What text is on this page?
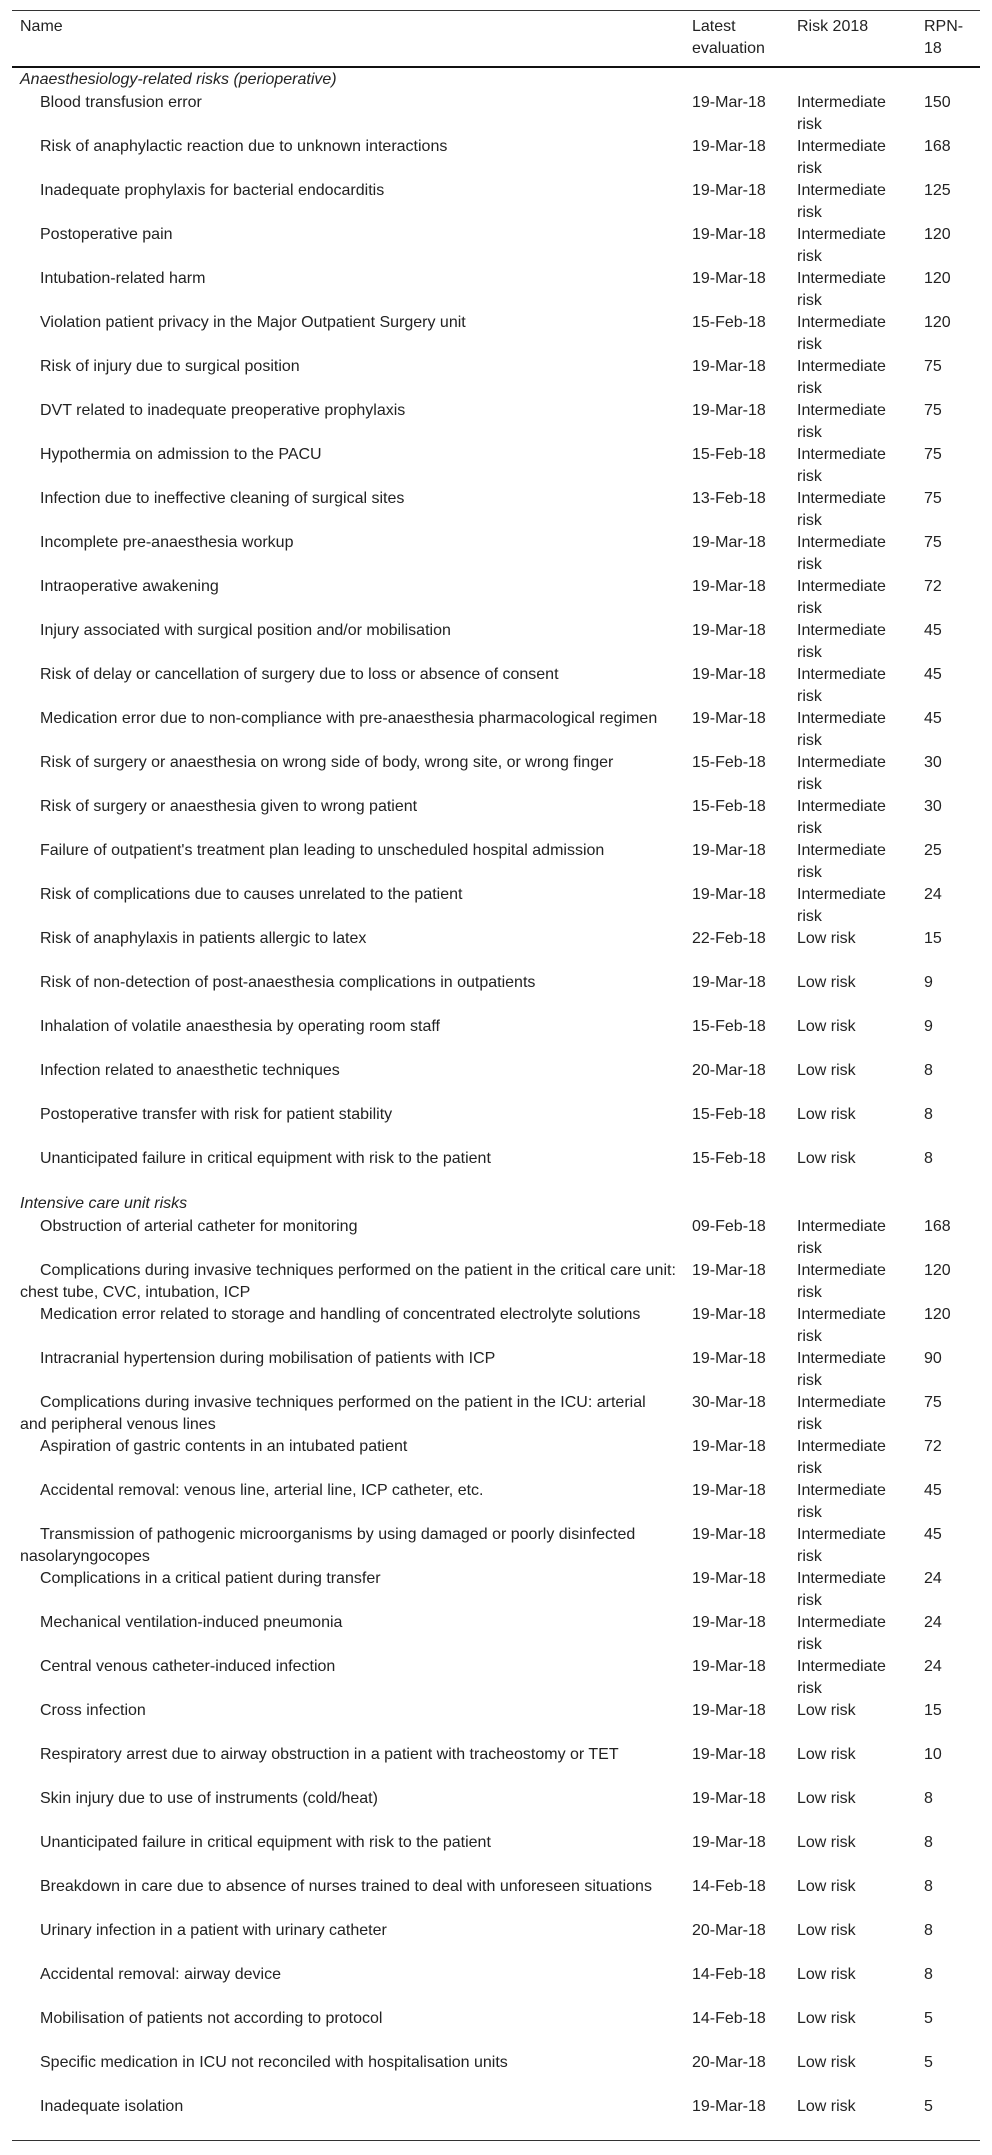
Name	Latest evaluation	Risk 2018	RPN-18
Anaesthesiology-related risks (perioperative)			
Blood transfusion error	19-Mar-18	Intermediate risk	150
Risk of anaphylactic reaction due to unknown interactions	19-Mar-18	Intermediate risk	168
Inadequate prophylaxis for bacterial endocarditis	19-Mar-18	Intermediate risk	125
Postoperative pain	19-Mar-18	Intermediate risk	120
Intubation-related harm	19-Mar-18	Intermediate risk	120
Violation patient privacy in the Major Outpatient Surgery unit	15-Feb-18	Intermediate risk	120
Risk of injury due to surgical position	19-Mar-18	Intermediate risk	75
DVT related to inadequate preoperative prophylaxis	19-Mar-18	Intermediate risk	75
Hypothermia on admission to the PACU	15-Feb-18	Intermediate risk	75
Infection due to ineffective cleaning of surgical sites	13-Feb-18	Intermediate risk	75
Incomplete pre-anaesthesia workup	19-Mar-18	Intermediate risk	75
Intraoperative awakening	19-Mar-18	Intermediate risk	72
Injury associated with surgical position and/or mobilisation	19-Mar-18	Intermediate risk	45
Risk of delay or cancellation of surgery due to loss or absence of consent	19-Mar-18	Intermediate risk	45
Medication error due to non-compliance with pre-anaesthesia pharmacological regimen	19-Mar-18	Intermediate risk	45
Risk of surgery or anaesthesia on wrong side of body, wrong site, or wrong finger	15-Feb-18	Intermediate risk	30
Risk of surgery or anaesthesia given to wrong patient	15-Feb-18	Intermediate risk	30
Failure of outpatient's treatment plan leading to unscheduled hospital admission	19-Mar-18	Intermediate risk	25
Risk of complications due to causes unrelated to the patient	19-Mar-18	Intermediate risk	24
Risk of anaphylaxis in patients allergic to latex	22-Feb-18	Low risk	15
Risk of non-detection of post-anaesthesia complications in outpatients	19-Mar-18	Low risk	9
Inhalation of volatile anaesthesia by operating room staff	15-Feb-18	Low risk	9
Infection related to anaesthetic techniques	20-Mar-18	Low risk	8
Postoperative transfer with risk for patient stability	15-Feb-18	Low risk	8
Unanticipated failure in critical equipment with risk to the patient	15-Feb-18	Low risk	8
Intensive care unit risks			
Obstruction of arterial catheter for monitoring	09-Feb-18	Intermediate risk	168
Complications during invasive techniques performed on the patient in the critical care unit: chest tube, CVC, intubation, ICP	19-Mar-18	Intermediate risk	120
Medication error related to storage and handling of concentrated electrolyte solutions	19-Mar-18	Intermediate risk	120
Intracranial hypertension during mobilisation of patients with ICP	19-Mar-18	Intermediate risk	90
Complications during invasive techniques performed on the patient in the ICU: arterial and peripheral venous lines	30-Mar-18	Intermediate risk	75
Aspiration of gastric contents in an intubated patient	19-Mar-18	Intermediate risk	72
Accidental removal: venous line, arterial line, ICP catheter, etc.	19-Mar-18	Intermediate risk	45
Transmission of pathogenic microorganisms by using damaged or poorly disinfected nasolaryngocopes	19-Mar-18	Intermediate risk	45
Complications in a critical patient during transfer	19-Mar-18	Intermediate risk	24
Mechanical ventilation-induced pneumonia	19-Mar-18	Intermediate risk	24
Central venous catheter-induced infection	19-Mar-18	Intermediate risk	24
Cross infection	19-Mar-18	Low risk	15
Respiratory arrest due to airway obstruction in a patient with tracheostomy or TET	19-Mar-18	Low risk	10
Skin injury due to use of instruments (cold/heat)	19-Mar-18	Low risk	8
Unanticipated failure in critical equipment with risk to the patient	19-Mar-18	Low risk	8
Breakdown in care due to absence of nurses trained to deal with unforeseen situations	14-Feb-18	Low risk	8
Urinary infection in a patient with urinary catheter	20-Mar-18	Low risk	8
Accidental removal: airway device	14-Feb-18	Low risk	8
Mobilisation of patients not according to protocol	14-Feb-18	Low risk	5
Specific medication in ICU not reconciled with hospitalisation units	20-Mar-18	Low risk	5
Inadequate isolation	19-Mar-18	Low risk	5
